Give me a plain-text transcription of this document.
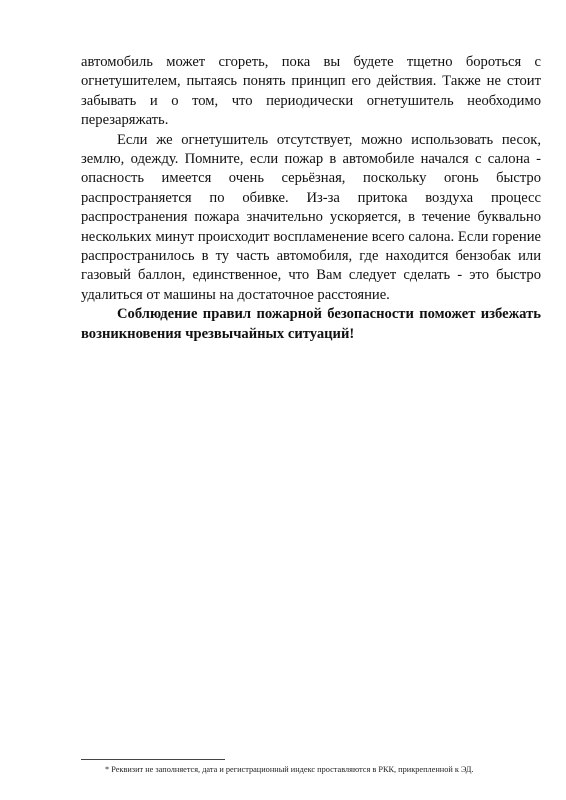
автомобиль может сгореть, пока вы будете тщетно бороться с
огнетушителем, пытаясь понять принцип его действия. Также не стоит
забывать и о том, что периодически огнетушитель необходимо
перезаряжать.

Если же огнетушитель отсутствует, можно использовать песок,
землю, одежду. Помните, если пожар в автомобиле начался с салона -
опасность имеется очень серьёзная, поскольку огонь быстро
распространяется по обивке. Из-за притока воздуха процесс
распространения пожара значительно ускоряется, в течение буквально
нескольких минут происходит воспламенение всего салона. Если горение
распространилось в ту часть автомобиля, где находится бензобак или
газовый баллон, единственное, что Вам следует сделать - это быстро
удалиться от машины на достаточное расстояние.

Соблюдение правил пожарной безопасности поможет избежать
возникновения чрезвычайных ситуаций!

* Реквизит не заполняется, дата и регистрационный индекс проставляются в РКК, прикрепленной к ЭД.
